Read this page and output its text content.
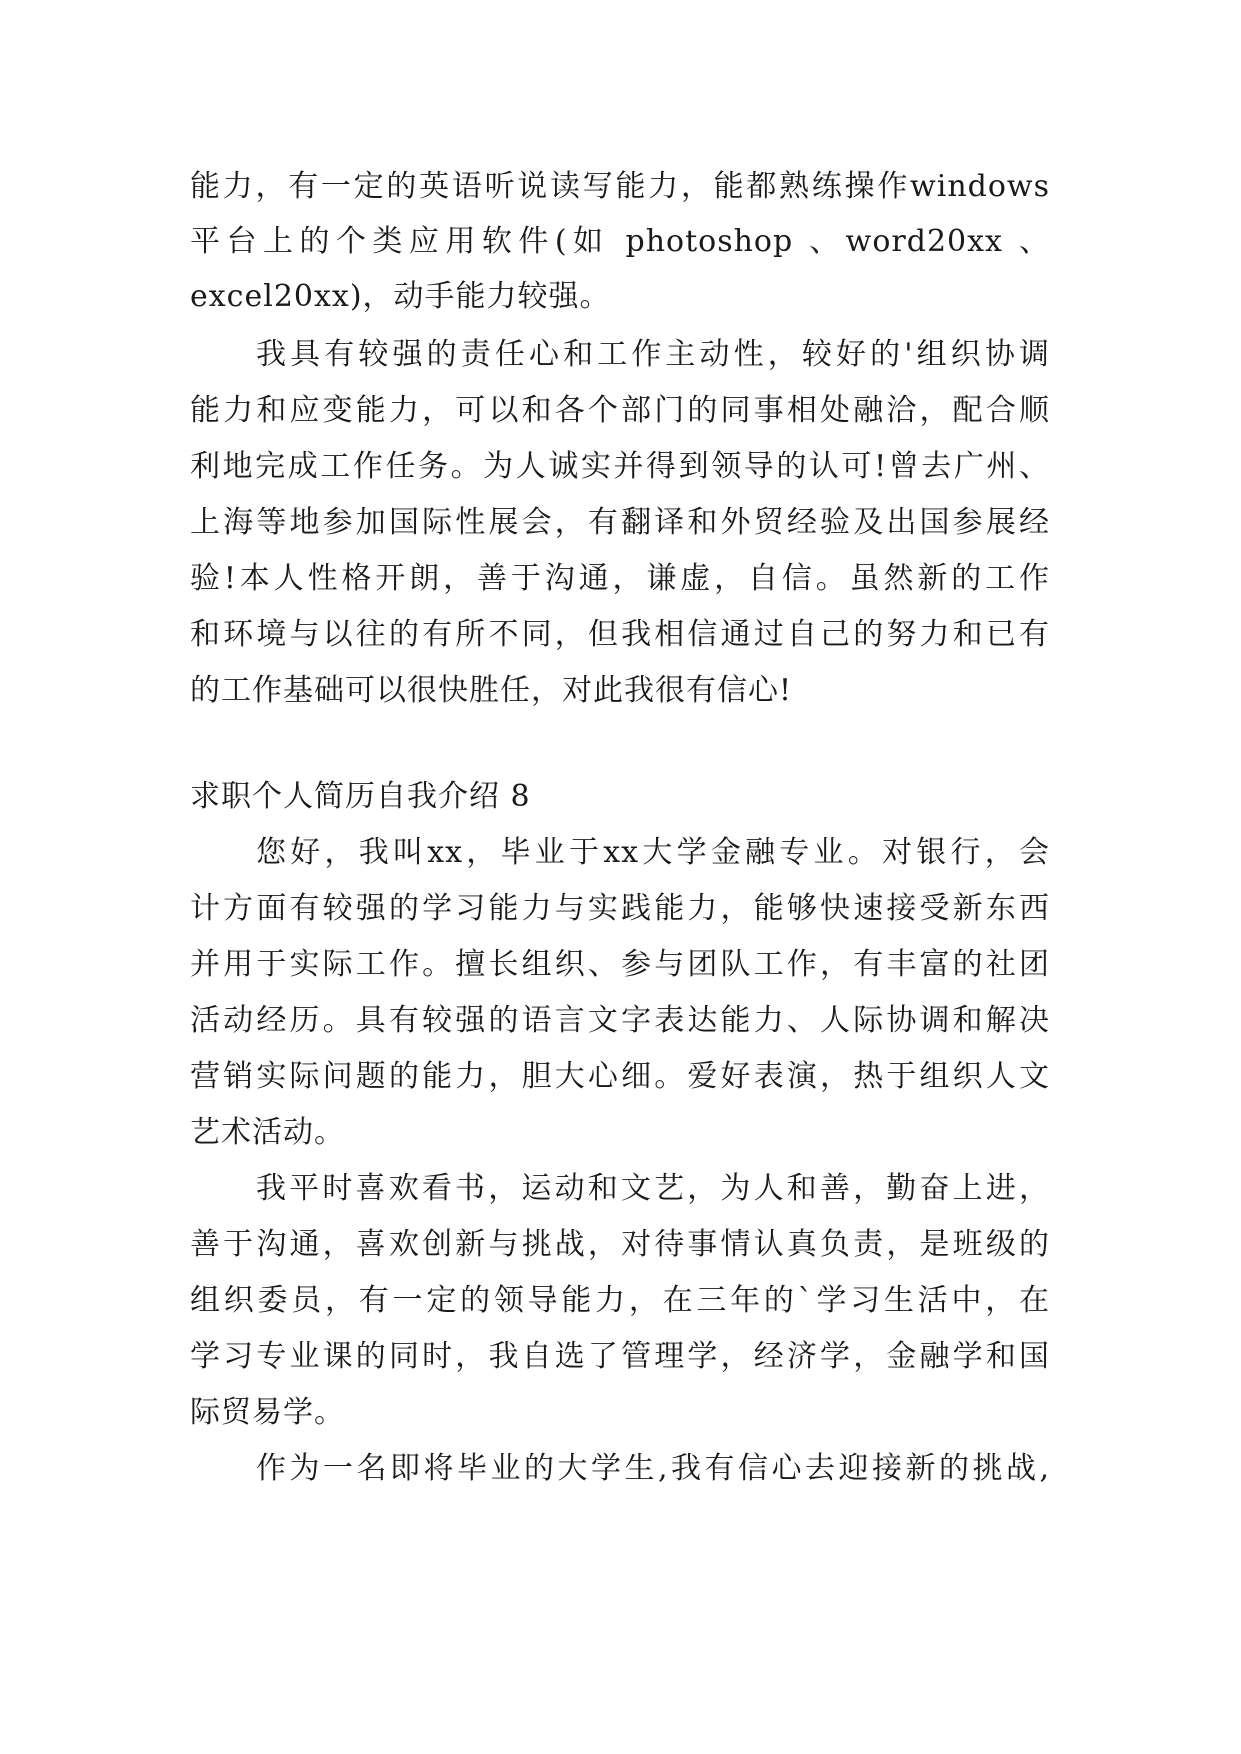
能力，有一定的英语听说读写能力，能都熟练操作windows
平台上的个类应用软件(如 photoshop 、word20xx 、
excel20xx)，动手能力较强。
我具有较强的责任心和工作主动性，较好的'组织协调
能力和应变能力，可以和各个部门的同事相处融洽，配合顺
利地完成工作任务。为人诚实并得到领导的认可!曾去广州、
上海等地参加国际性展会，有翻译和外贸经验及出国参展经
验!本人性格开朗，善于沟通，谦虚，自信。虽然新的工作
和环境与以往的有所不同，但我相信通过自己的努力和已有
的工作基础可以很快胜任，对此我很有信心!
求职个人简历自我介绍 8
您好，我叫xx，毕业于xx大学金融专业。对银行，会
计方面有较强的学习能力与实践能力，能够快速接受新东西
并用于实际工作。擅长组织、参与团队工作，有丰富的社团
活动经历。具有较强的语言文字表达能力、人际协调和解决
营销实际问题的能力，胆大心细。爱好表演，热于组织人文
艺术活动。
我平时喜欢看书，运动和文艺，为人和善，勤奋上进，
善于沟通，喜欢创新与挑战，对待事情认真负责，是班级的
组织委员，有一定的领导能力，在三年的`学习生活中，在
学习专业课的同时，我自选了管理学，经济学，金融学和国
际贸易学。
作为一名即将毕业的大学生,我有信心去迎接新的挑战,
